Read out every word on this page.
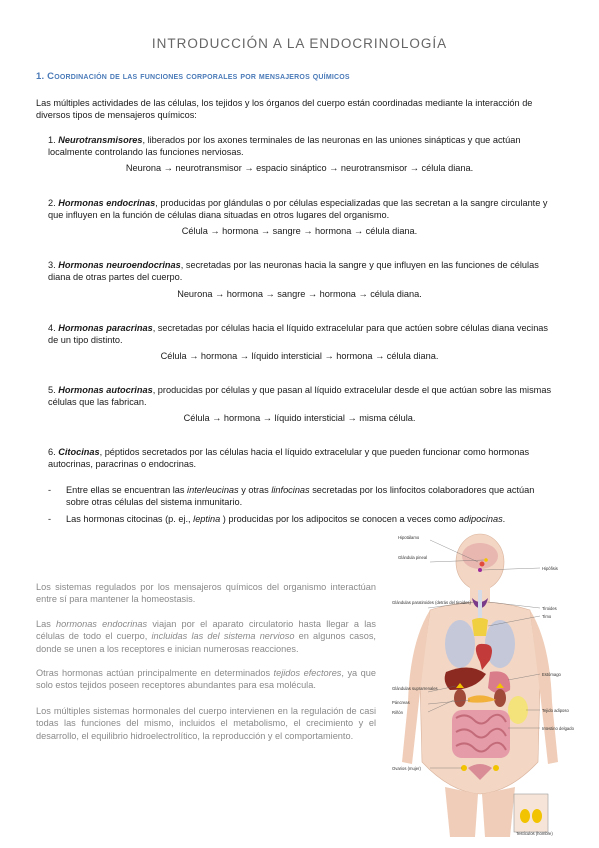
INTRODUCCIÓN A LA ENDOCRINOLOGÍA
1. Coordinación de las funciones corporales por mensajeros químicos
Las múltiples actividades de las células, los tejidos y los órganos del cuerpo están coordinadas mediante la interacción de diversos tipos de mensajeros químicos:
1. Neurotransmisores, liberados por los axones terminales de las neuronas en las uniones sinápticas y que actúan localmente controlando las funciones nerviosas.
Neurona → neurotransmisor → espacio sináptico → neurotransmisor → célula diana.
2. Hormonas endocrinas, producidas por glándulas o por células especializadas que las secretan a la sangre circulante y que influyen en la función de células diana situadas en otros lugares del organismo.
Célula → hormona → sangre → hormona → célula diana.
3. Hormonas neuroendocrinas, secretadas por las neuronas hacia la sangre y que influyen en las funciones de células diana de otras partes del cuerpo.
Neurona → hormona → sangre → hormona → célula diana.
4. Hormonas paracrinas, secretadas por células hacia el líquido extracelular para que actúen sobre células diana vecinas de un tipo distinto.
Célula → hormona → líquido intersticial → hormona → célula diana.
5. Hormonas autocrinas, producidas por células y que pasan al líquido extracelular desde el que actúan sobre las mismas células que las fabrican.
Célula → hormona → líquido intersticial → misma célula.
6. Citocinas, péptidos secretados por las células hacia el líquido extracelular y que pueden funcionar como hormonas autocrinas, paracrinas o endocrinas.
- Entre ellas se encuentran las interleucinas y otras linfocinas secretadas por los linfocitos colaboradores que actúan sobre otras células del sistema inmunitario.
- Las hormonas citocinas (p. ej., leptina ) producidas por los adipocitos se conocen a veces como adipocinas.
Los sistemas regulados por los mensajeros químicos del organismo interactúan entre sí para mantener la homeostasis.
Las hormonas endocrinas viajan por el aparato circulatorio hasta llegar a las células de todo el cuerpo, incluidas las del sistema nervioso en algunos casos, donde se unen a los receptores e inician numerosas reacciones.
Otras hormonas actúan principalmente en determinados tejidos efectores, ya que solo estos tejidos poseen receptores abundantes para esa molécula.
Los múltiples sistemas hormonales del cuerpo intervienen en la regulación de casi todas las funciones del mismo, incluidos el metabolismo, el crecimiento y el desarrollo, el equilibrio hidroelectrolítico, la reproducción y el comportamiento.
Hipotálamo
Glándula pineal
Hipófisis
Glándulas paratiroides (detrás del tiroides)
Tiroides
Timo
Estómago
Glándulas suprarrenales
Páncreas
Riñón	Tejido adiposo
Intestino delgado
Ovarios (mujer)
Testículos (hombre)
